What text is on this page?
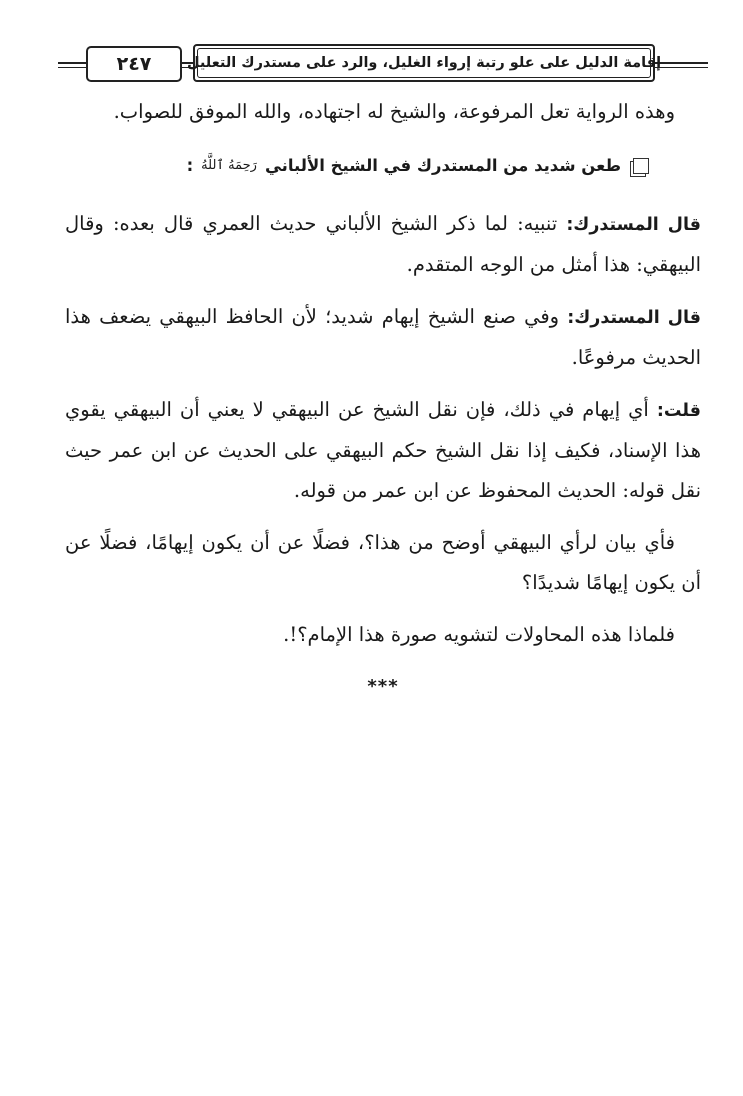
٢٤٧	إقامة الدليل على علو رتبة إرواء الغليل، والرد على مستدرك التعليل

وهذه الرواية تعل المرفوعة، والشيخ له اجتهاده، والله الموفق للصواب.

طعن شديد من المستدرك في الشيخ الألباني
رَحِمَهُ ٱللَّهُ
:

قال المستدرك: تنبيه: لما ذكر الشيخ الألباني حديث العمري قال بعده: وقال البيهقي: هذا أمثل من الوجه المتقدم.

قال المستدرك: وفي صنع الشيخ إيهام شديد؛ لأن الحافظ البيهقي يضعف هذا الحديث مرفوعًا.

قلت: أي إيهام في ذلك، فإن نقل الشيخ عن البيهقي لا يعني أن البيهقي يقوي هذا الإسناد، فكيف إذا نقل الشيخ حكم البيهقي على الحديث عن ابن عمر حيث نقل قوله: الحديث المحفوظ عن ابن عمر من قوله.

فأي بيان لرأي البيهقي أوضح من هذا؟، فضلًا عن أن يكون إيهامًا، فضلًا عن أن يكون إيهامًا شديدًا؟

فلماذا هذه المحاولات لتشويه صورة هذا الإمام؟!.

***
